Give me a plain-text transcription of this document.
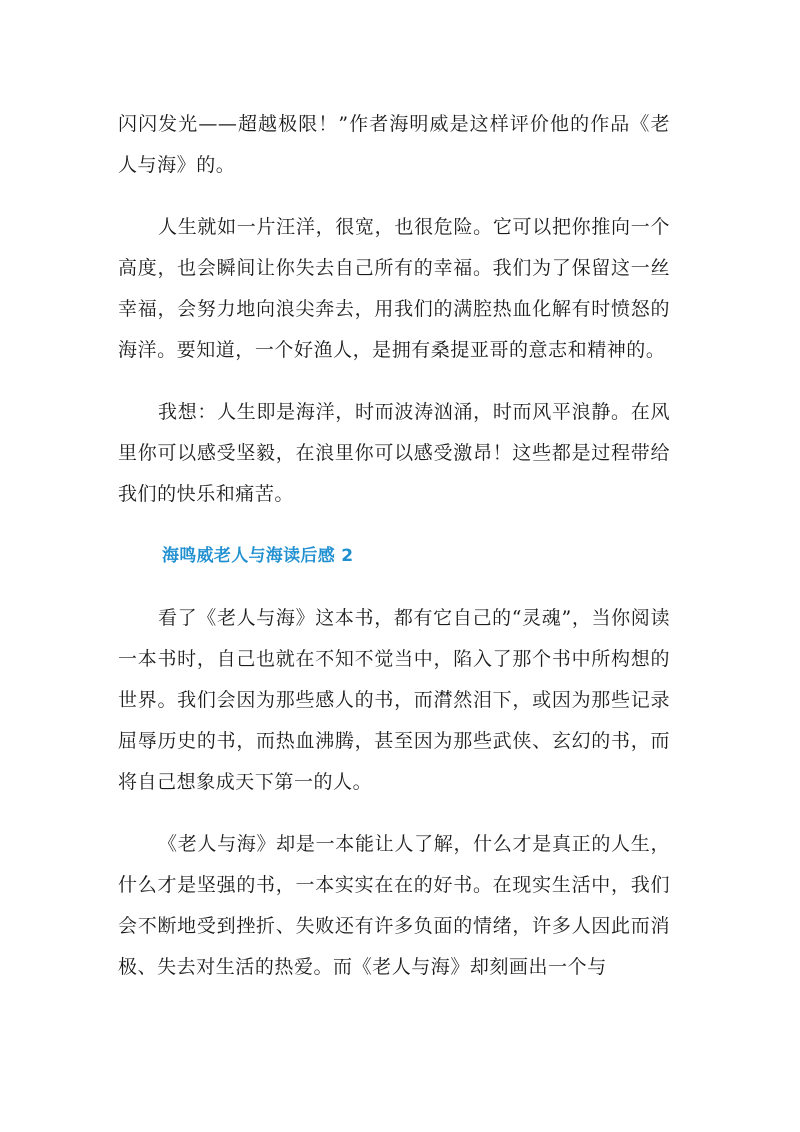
闪闪发光——超越极限！”作者海明威是这样评价他的作品《老人与海》的。

人生就如一片汪洋，很宽，也很危险。它可以把你推向一个高度，也会瞬间让你失去自己所有的幸福。我们为了保留这一丝幸福，会努力地向浪尖奔去，用我们的满腔热血化解有时愤怒的海洋。要知道，一个好渔人，是拥有桑提亚哥的意志和精神的。

我想：人生即是海洋，时而波涛汹涌，时而风平浪静。在风里你可以感受坚毅，在浪里你可以感受激昂！这些都是过程带给我们的快乐和痛苦。

海鸣威老人与海读后感 2

看了《老人与海》这本书，都有它自己的“灵魂”，当你阅读一本书时，自己也就在不知不觉当中，陷入了那个书中所构想的世界。我们会因为那些感人的书，而潸然泪下，或因为那些记录屈辱历史的书，而热血沸腾，甚至因为那些武侠、玄幻的书，而将自己想象成天下第一的人。

《老人与海》却是一本能让人了解，什么才是真正的人生，什么才是坚强的书，一本实实在在的好书。在现实生活中，我们会不断地受到挫折、失败还有许多负面的情绪，许多人因此而消极、失去对生活的热爱。而《老人与海》却刻画出一个与
